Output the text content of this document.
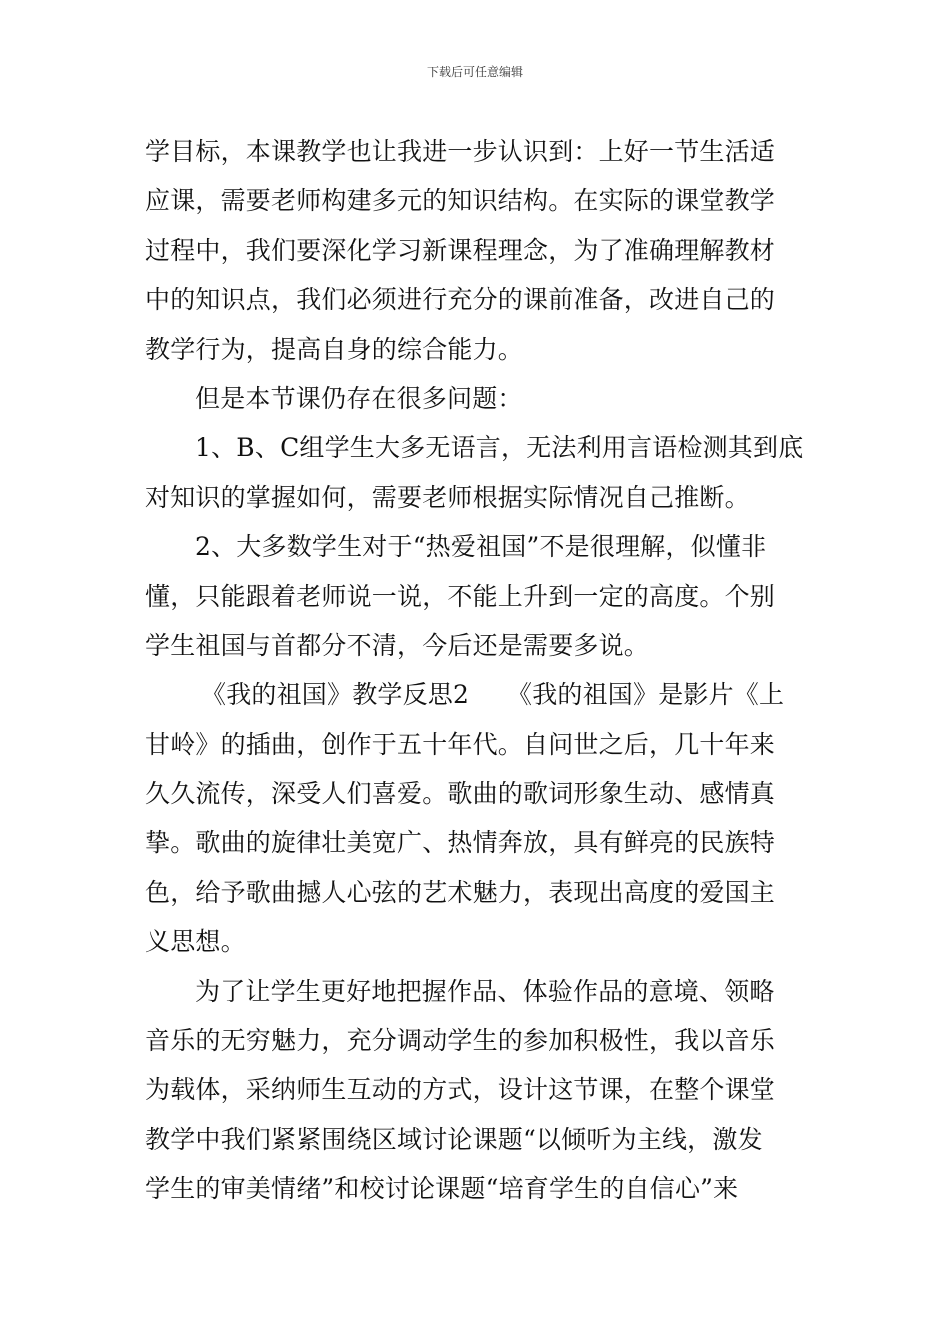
下载后可任意编辑
学目标，本课教学也让我进一步认识到：上好一节生活适
应课，需要老师构建多元的知识结构。在实际的课堂教学
过程中，我们要深化学习新课程理念，为了准确理解教材
中的知识点，我们必须进行充分的课前准备，改进自己的
教学行为，提高自身的综合能力。
但是本节课仍存在很多问题：
1、B、C组学生大多无语言，无法利用言语检测其到底
对知识的掌握如何，需要老师根据实际情况自己推断。
2、大多数学生对于“热爱祖国”不是很理解，似懂非
懂，只能跟着老师说一说，不能上升到一定的高度。个别
学生祖国与首都分不清，今后还是需要多说。
《我的祖国》教学反思2　　《我的祖国》是影片《上
甘岭》的插曲，创作于五十年代。自问世之后，几十年来
久久流传，深受人们喜爱。歌曲的歌词形象生动、感情真
挚。歌曲的旋律壮美宽广、热情奔放，具有鲜亮的民族特
色，给予歌曲撼人心弦的艺术魅力，表现出高度的爱国主
义思想。
为了让学生更好地把握作品、体验作品的意境、领略
音乐的无穷魅力，充分调动学生的参加积极性，我以音乐
为载体，采纳师生互动的方式，设计这节课，在整个课堂
教学中我们紧紧围绕区域讨论课题“以倾听为主线，激发
学生的审美情绪”和校讨论课题“培育学生的自信心”来
